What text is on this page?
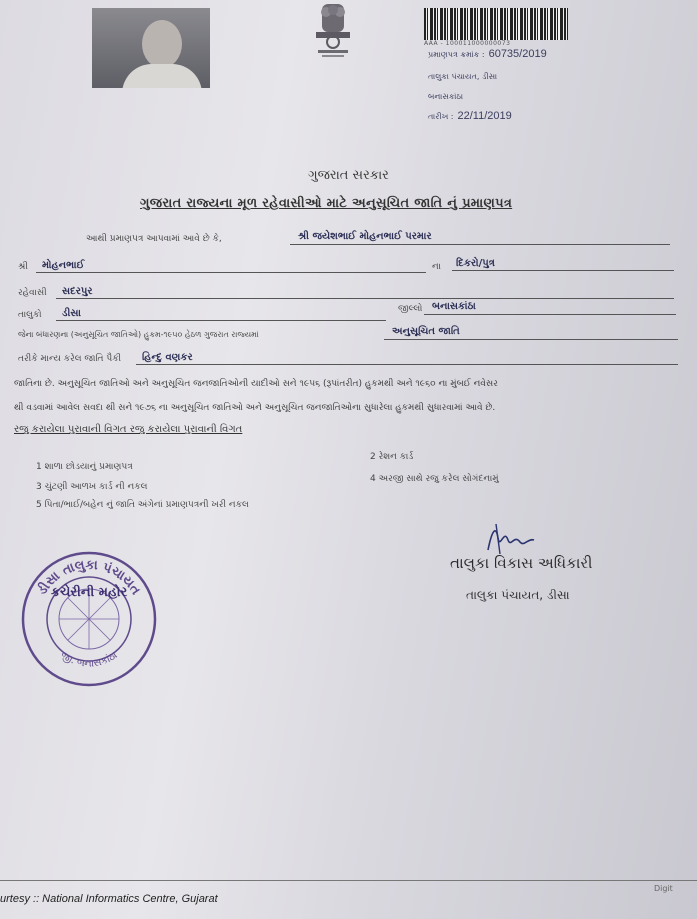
AAA - 100011000000073
પ્રમાણપત્ર ક્રમાંક : 60735/2019
તાલુકા પંચાયત, ડીસા
બનાસકાંઠા
તારીખ : 22/11/2019
ગુજરાત સરકાર
ગુજરાત રાજ્યના મૂળ રહેવાસીઓ માટે અનુસૂચિત જાતિ નું પ્રમાણપત્ર
આથી પ્રમાણપત્ર આપવામાં આવે છે કે,	શ્રી જયેશભાઈ મોહનભાઈ પરમાર
શ્રી મોહનભાઈ	ના દિકરો/પુત્ર
રહેવાસી સદરપુર
તાલુકો ડીસા	જીલ્લો બનાસકાંઠા
જેના બંધારણના (અનુસૂચિત જાતિઓ) હુકમ-૧૯૫૦ હેઠળ ગુજરાત રાજ્યમાં	અનુસૂચિત જાતિ
તરીકે માન્ય કરેલ જાતિ પૈકી હિન્દુ વણકર
જાતિના છે. અનુસૂચિત જાતિઓ અને અનુસૂચિત જનજાતિઓની યાદીઓ સને ૧૯૫૬ (રૂપાંતરીત) હુકમથી અને ૧૯૬૦ ના મુંબઈ નવેસર
થી વડવામાં આવેલ સવદા થી સને ૧૯૭૬ ના અનુસૂચિત જાતિઓ અને અનુસૂચિત જનજાતિઓના સુધારેલા હુકમથી સુધારવામાં આવે છે.
રજુ કરાયેલા પુરાવાની વિગત રજુ કરાયેલા પુરાવાની વિગત
1 શાળા છોડયાનું પ્રમાણપત્ર
2 રેશન કાર્ડ
3 ચુંટણી આળખ કાર્ડ ની નકલ
4 અરજી સાથે રજુ કરેલ સોગંદનામું
5 પિતા/ભાઈ/બહેન નું જાતિ અંગેનાં પ્રમાણપત્રની ખરી નકલ
તાલુકા વિકાસ અધિકારી
તાલુકા પંચાયત, ડીસા
ડીસા તાલુકા પંચાયત
જી. બનાસકાંઠા
કચેરીની મહોર
urtesy :: National Informatics Centre, Gujarat
Digit
